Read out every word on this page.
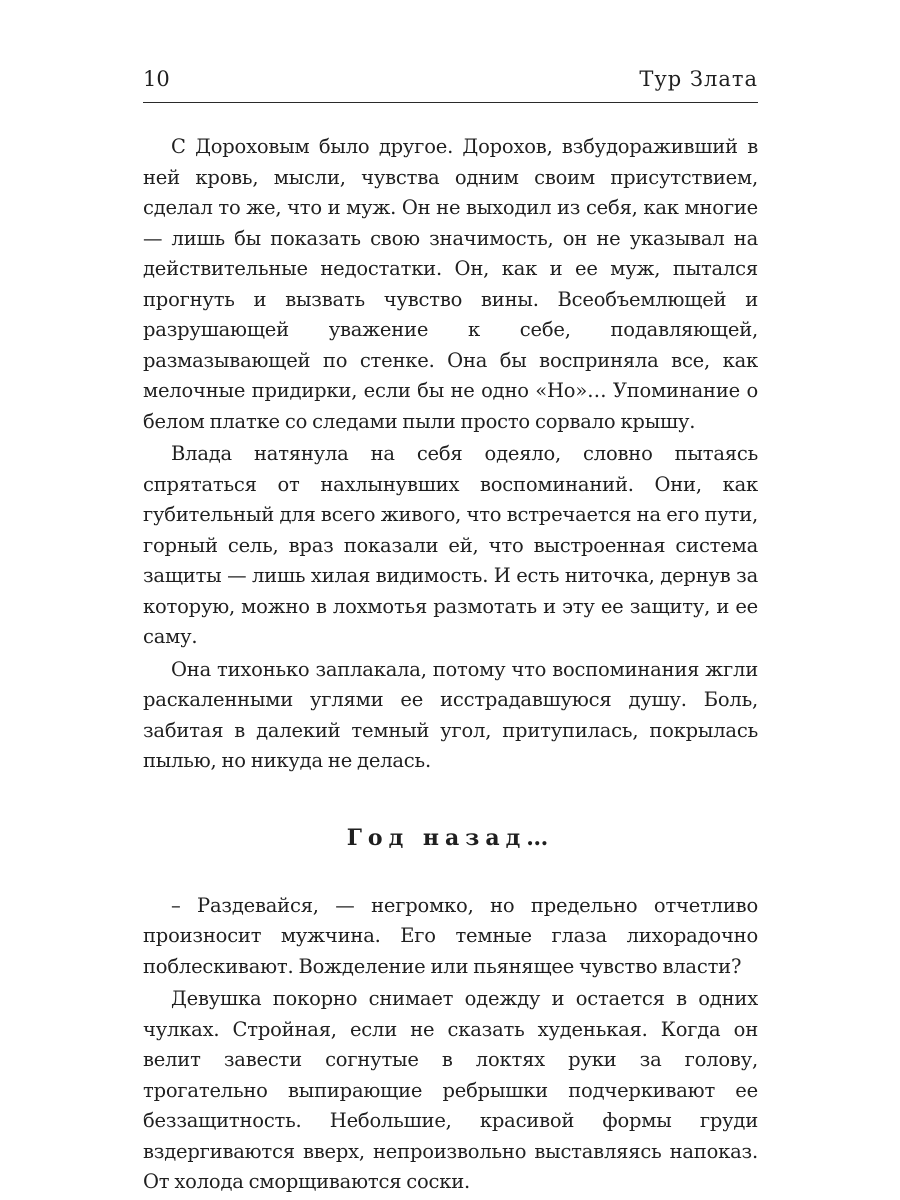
10	Тур Злата

С Дороховым было другое. Дорохов, взбудораживший в ней кровь, мысли, чувства одним своим присутствием, сделал то же, что и муж. Он не выходил из себя, как многие — лишь бы показать свою значимость, он не указывал на действительные недостатки. Он, как и ее муж, пытался прогнуть и вызвать чувство вины. Всеобъемлющей и разрушающей уважение к себе, подавляющей, размазывающей по стенке. Она бы восприняла все, как мелочные придирки, если бы не одно «Но»… Упоминание о белом платке со следами пыли просто сорвало крышу.

Влада натянула на себя одеяло, словно пытаясь спрятаться от нахлынувших воспоминаний. Они, как губительный для всего живого, что встречается на его пути, горный сель, враз показали ей, что выстроенная система защиты — лишь хилая видимость. И есть ниточка, дернув за которую, можно в лохмотья размотать и эту ее защиту, и ее саму.

Она тихонько заплакала, потому что воспоминания жгли раскаленными углями ее исстрадавшуюся душу. Боль, забитая в далекий темный угол, притупилась, покрылась пылью, но никуда не делась.

Год назад…

– Раздевайся, — негромко, но предельно отчетливо произносит мужчина. Его темные глаза лихорадочно поблескивают. Вожделение или пьянящее чувство власти?

Девушка покорно снимает одежду и остается в одних чулках. Стройная, если не сказать худенькая. Когда он велит завести согнутые в локтях руки за голову, трогательно выпирающие ребрышки подчеркивают ее беззащитность. Небольшие, красивой формы груди вздергиваются вверх, непроизвольно выставляясь напоказ. От холода сморщиваются соски.
